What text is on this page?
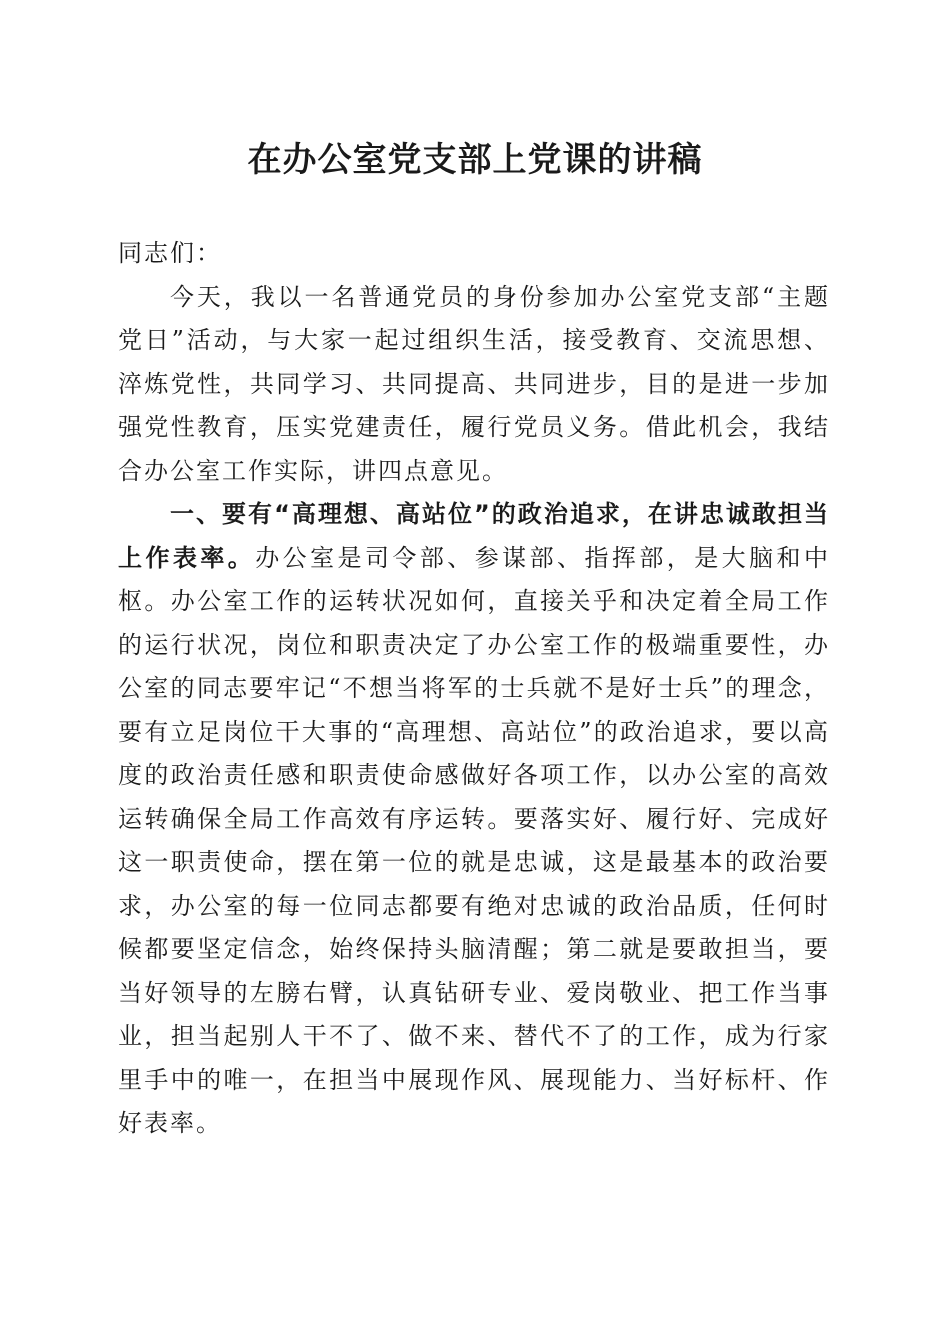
在办公室党支部上党课的讲稿

同志们：

今天，我以一名普通党员的身份参加办公室党支部“主题党日”活动，与大家一起过组织生活，接受教育、交流思想、淬炼党性，共同学习、共同提高、共同进步，目的是进一步加强党性教育，压实党建责任，履行党员义务。借此机会，我结合办公室工作实际，讲四点意见。

一、要有“高理想、高站位”的政治追求，在讲忠诚敢担当上作表率。办公室是司令部、参谋部、指挥部，是大脑和中枢。办公室工作的运转状况如何，直接关乎和决定着全局工作的运行状况，岗位和职责决定了办公室工作的极端重要性，办公室的同志要牢记“不想当将军的士兵就不是好士兵”的理念，要有立足岗位干大事的“高理想、高站位”的政治追求，要以高度的政治责任感和职责使命感做好各项工作，以办公室的高效运转确保全局工作高效有序运转。要落实好、履行好、完成好这一职责使命，摆在第一位的就是忠诚，这是最基本的政治要求，办公室的每一位同志都要有绝对忠诚的政治品质，任何时候都要坚定信念，始终保持头脑清醒；第二就是要敢担当，要当好领导的左膀右臂，认真钻研专业、爱岗敬业、把工作当事业，担当起别人干不了、做不来、替代不了的工作，成为行家里手中的唯一，在担当中展现作风、展现能力、当好标杆、作好表率。
